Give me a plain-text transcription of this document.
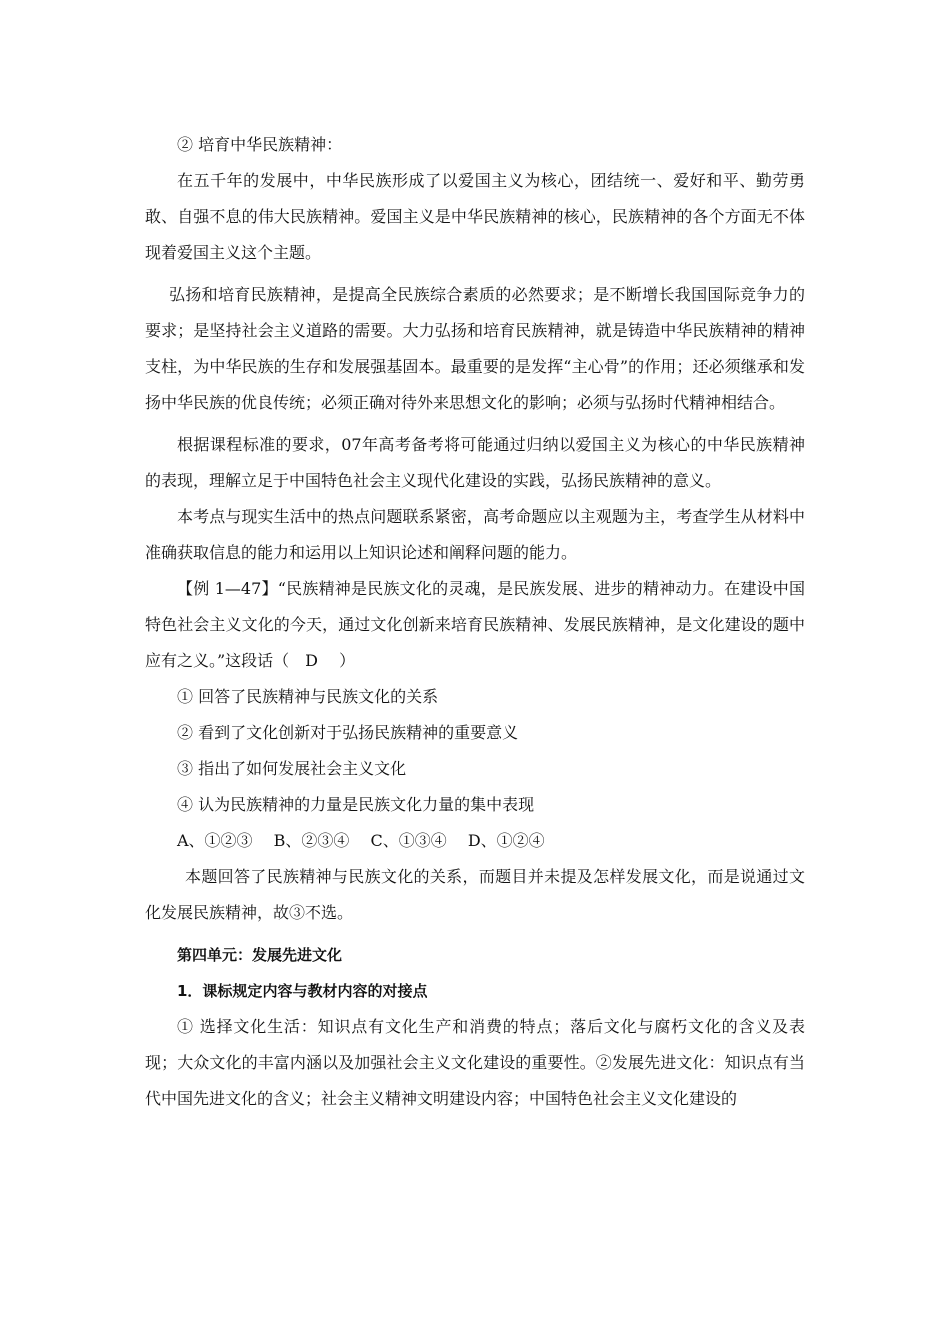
② 培育中华民族精神：

在五千年的发展中，中华民族形成了以爱国主义为核心，团结统一、爱好和平、勤劳勇敢、自强不息的伟大民族精神。爱国主义是中华民族精神的核心，民族精神的各个方面无不体现着爱国主义这个主题。

弘扬和培育民族精神，是提高全民族综合素质的必然要求；是不断增长我国国际竞争力的要求；是坚持社会主义道路的需要。大力弘扬和培育民族精神，就是铸造中华民族精神的精神支柱，为中华民族的生存和发展强基固本。最重要的是发挥“主心骨”的作用；还必须继承和发扬中华民族的优良传统；必须正确对待外来思想文化的影响；必须与弘扬时代精神相结合。

根据课程标准的要求，07年高考备考将可能通过归纳以爱国主义为核心的中华民族精神的表现，理解立足于中国特色社会主义现代化建设的实践，弘扬民族精神的意义。

本考点与现实生活中的热点问题联系紧密，高考命题应以主观题为主，考查学生从材料中准确获取信息的能力和运用以上知识论述和阐释问题的能力。

【例 1—47】“民族精神是民族文化的灵魂，是民族发展、进步的精神动力。在建设中国特色社会主义文化的今天，通过文化创新来培育民族精神、发展民族精神，是文化建设的题中应有之义。”这段话（　D　 ）

① 回答了民族精神与民族文化的关系

② 看到了文化创新对于弘扬民族精神的重要意义

③ 指出了如何发展社会主义文化

④ 认为民族精神的力量是民族文化力量的集中表现

A、①②③　 B、②③④　 C、①③④　 D、①②④

本题回答了民族精神与民族文化的关系，而题目并未提及怎样发展文化，而是说通过文化发展民族精神，故③不选。

第四单元：发展先进文化

1．课标规定内容与教材内容的对接点

① 选择文化生活：知识点有文化生产和消费的特点；落后文化与腐朽文化的含义及表现；大众文化的丰富内涵以及加强社会主义文化建设的重要性。②发展先进文化：知识点有当代中国先进文化的含义；社会主义精神文明建设内容；中国特色社会主义文化建设的
